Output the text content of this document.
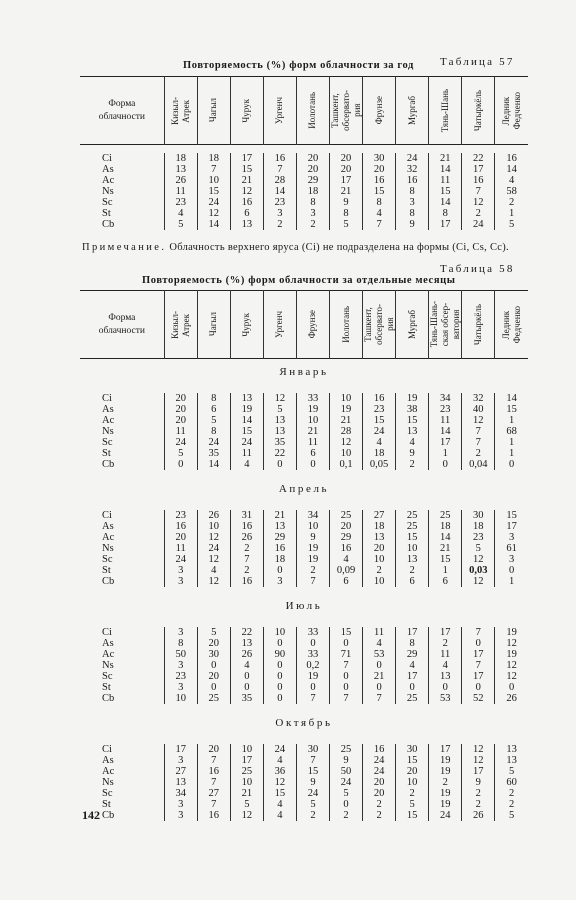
Таблица 57
Повторяемость (%) форм облачности за год
Форма
облачности	Кизыл-
Атрек	Чагыл	Чурук	Ургенч	Иолотань	Ташкент,
обсервато-
рия	Фрунзе	Мургаб	Тянь-Шань	Чатыркёль	Ледник
Федченко

Ci	18	18	17	16	20	20	30	24	21	22	16
As	13	7	15	7	20	20	20	32	14	17	14
Ac	26	10	21	28	29	17	16	16	11	16	4
Ns	11	15	12	14	18	21	15	8	15	7	58
Sc	23	24	16	23	8	9	8	3	14	12	2
St	4	12	6	3	3	8	4	8	8	2	1
Cb	5	14	13	2	2	5	7	9	17	24	5
Примечание. Облачность верхнего яруса (Ci) не подразделена на формы (Ci, Cs, Cc).
Таблица 58
Повторяемость (%) форм облачности за отдельные месяцы
Форма
облачности	Кизыл-
Атрек	Чагыл	Чурук	Ургенч	Фрунзе	Иолотань	Ташкент,
обсервато-
рия	Мургаб	Тянь-Шань-
ская обсер-
ватория	Чатыркёль	Ледник
Федченко

Январь											

Ci	20	8	13	12	33	10	16	19	34	32	14
As	20	6	19	5	19	19	23	38	23	40	15
Ac	20	5	14	13	10	21	15	15	11	12	1
Ns	11	8	15	13	21	28	24	13	14	7	68
Sc	24	24	24	35	11	12	4	4	17	7	1
St	5	35	11	22	6	10	18	9	1	2	1
Cb	0	14	4	0	0	0,1	0,05	2	0	0,04	0

Апрель											

Ci	23	26	31	21	34	25	27	25	25	30	15
As	16	10	16	13	10	20	18	25	18	18	17
Ac	20	12	26	29	9	29	13	15	14	23	3
Ns	11	24	2	16	19	16	20	10	21	5	61
Sc	24	12	7	18	19	4	10	13	15	12	3
St	3	4	2	0	2	0,09	2	2	1	0,03	0
Cb	3	12	16	3	7	6	10	6	6	12	1

Июль											

Ci	3	5	22	10	33	15	11	17	17	7	19
As	8	20	13	0	0	0	4	8	2	0	12
Ac	50	30	26	90	33	71	53	29	11	17	19
Ns	3	0	4	0	0,2	7	0	4	4	7	12
Sc	23	20	0	0	19	0	21	17	13	17	12
St	3	0	0	0	0	0	0	0	0	0	0
Cb	10	25	35	0	7	7	7	25	53	52	26

Октябрь											

Ci	17	20	10	24	30	25	16	30	17	12	13
As	3	7	17	4	7	9	24	15	19	12	13
Ac	27	16	25	36	15	50	24	20	19	17	5
Ns	13	7	10	12	9	24	20	10	2	9	60
Sc	34	27	21	15	24	5	20	2	19	2	2
St	3	7	5	4	5	0	2	5	19	2	2
Cb	3	16	12	4	2	2	2	15	24	26	5

142
